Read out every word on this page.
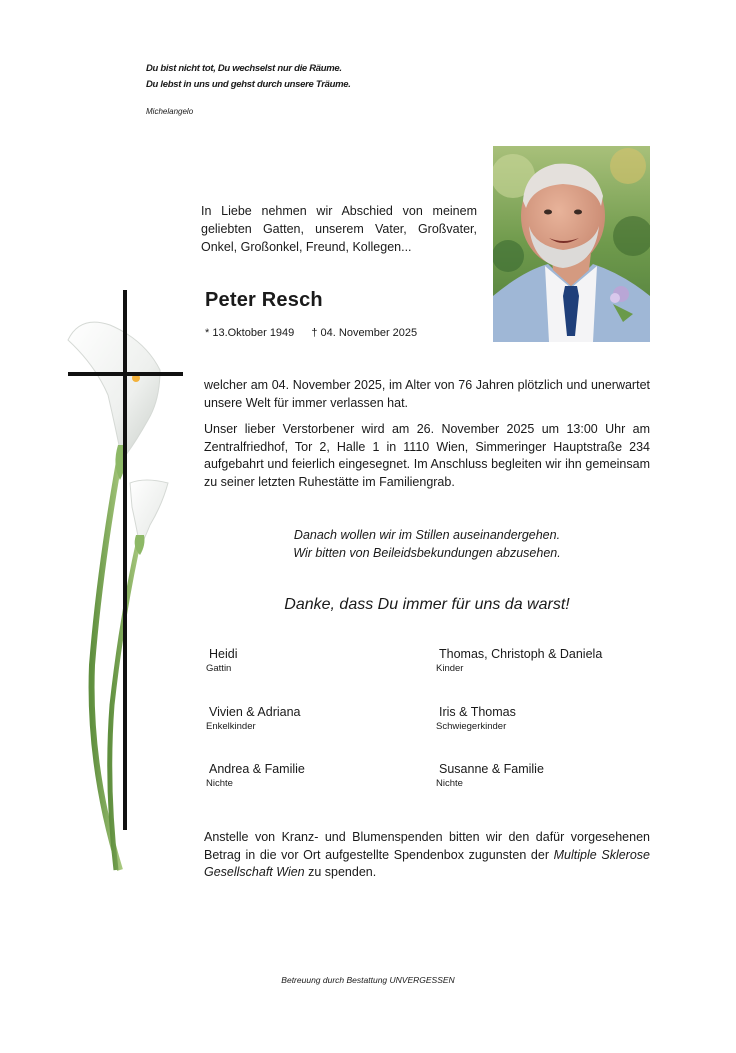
Du bist nicht tot, Du wechselst nur die Räume.
Du lebst in uns und gehst durch unsere Träume.
Michelangelo
In Liebe nehmen wir Abschied von meinem geliebten Gatten, unserem Vater, Großvater, Onkel, Großonkel, Freund, Kollegen...
Peter Resch
* 13.Oktober 1949 † 04. November 2025
welcher am 04. November 2025, im Alter von 76 Jahren plötzlich und unerwartet unsere Welt für immer verlassen hat.
Unser lieber Verstorbener wird am 26. November 2025 um 13:00 Uhr am Zentralfriedhof, Tor 2, Halle 1 in 1110 Wien, Simmeringer Hauptstraße 234 aufgebahrt und feierlich eingesegnet. Im Anschluss begleiten wir ihn gemeinsam zu seiner letzten Ruhestätte im Familiengrab.
Danach wollen wir im Stillen auseinandergehen.
Wir bitten von Beileidsbekundungen abzusehen.
Danke, dass Du immer für uns da warst!
Heidi
Gattin
Thomas, Christoph & Daniela
Kinder
Vivien & Adriana
Enkelkinder
Iris & Thomas
Schwiegerkinder
Andrea & Familie
Nichte
Susanne & Familie
Nichte
Anstelle von Kranz- und Blumenspenden bitten wir den dafür vorgesehenen Betrag in die vor Ort aufgestellte Spendenbox zugunsten der Multiple Sklerose Gesellschaft Wien zu spenden.
Betreuung durch Bestattung UNVERGESSEN
